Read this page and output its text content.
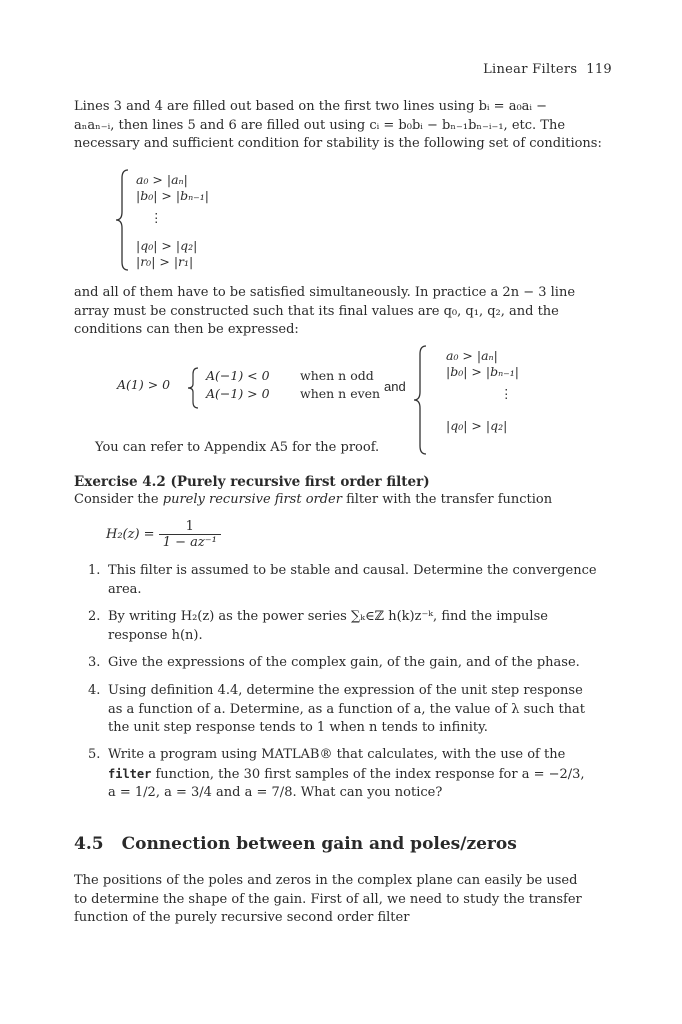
Linear Filters 119
Lines 3 and 4 are filled out based on the first two lines using bᵢ = a₀aᵢ −
aₙaₙ₋ᵢ, then lines 5 and 6 are filled out using cᵢ = b₀bᵢ − bₙ₋₁bₙ₋ᵢ₋₁, etc. The
necessary and sufficient condition for stability is the following set of conditions:
a₀ > |aₙ|
|b₀| > |bₙ₋₁|
⋮
|q₀| > |q₂|
|r₀| > |r₁|
and all of them have to be satisfied simultaneously. In practice a 2n − 3 line
array must be constructed such that its final values are q₀, q₁, q₂, and the
conditions can then be expressed:
A(1) > 0
A(−1) < 0 when n odd
A(−1) > 0 when n even and
a₀ > |aₙ|
|b₀| > |bₙ₋₁|
⋮
|q₀| > |q₂|
You can refer to Appendix A5 for the proof.
Exercise 4.2 (Purely recursive first order filter)
Consider the purely recursive first order filter with the transfer function
$H_2(z) = \frac{1}{\text{1 − az⁻¹}}$
1. This filter is assumed to be stable and causal. Determine the convergence
area.
2. By writing H₂(z) as the power series ∑ₖ∈ℤ h(k)z⁻ᵏ, find the impulse
response h(n).
3. Give the expressions of the complex gain, of the gain, and of the phase.
4. Using definition 4.4, determine the expression of the unit step response
as a function of a. Determine, as a function of a, the value of λ such that
the unit step response tends to 1 when n tends to infinity.
5. Write a program using MATLAB® that calculates, with the use of the
filter function, the 30 first samples of the index response for a = −2/3,
a = 1/2, a = 3/4 and a = 7/8. What can you notice?
4.5 Connection between gain and poles/zeros
The positions of the poles and zeros in the complex plane can easily be used
to determine the shape of the gain. First of all, we need to study the transfer
function of the purely recursive second order filter
